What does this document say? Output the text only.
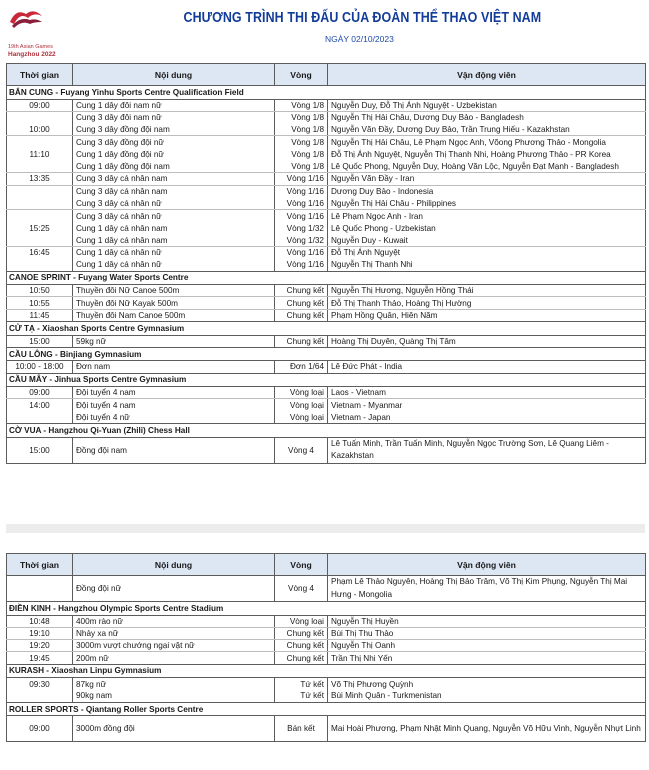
19th Asian Games
Hangzhou 2022
CHƯƠNG TRÌNH THI ĐẤU CỦA ĐOÀN THỂ THAO VIỆT NAM
NGÀY 02/10/2023
Thời gian	Nội dung	Vòng	Vận động viên
BẮN CUNG - Fuyang Yinhu Sports Centre Qualification Field			
09:00	Cung 1 dây đôi nam nữ	Vòng 1/8	Nguyễn Duy, Đỗ Thị Ánh Nguyệt - Uzbekistan
	Cung 3 dây đôi nam nữ	Vòng 1/8	Nguyễn Thị Hải Châu, Dương Duy Bảo - Bangladesh
10:00	Cung 3 dây đồng đội nam	Vòng 1/8	Nguyễn Văn Đầy, Dương Duy Bảo, Trần Trung Hiếu - Kazakhstan
	Cung 3 dây đồng đội nữ	Vòng 1/8	Nguyễn Thị Hải Châu, Lê Phạm Ngọc Anh, Võong Phương Thảo - Mongolia
11:10	Cung 1 dây đồng đội nữ	Vòng 1/8	Đỗ Thị Ánh Nguyệt, Nguyễn Thị Thanh Nhi, Hoàng Phương Thảo - PR Korea
	Cung 1 dây đồng đội nam	Vòng 1/8	Lê Quốc Phong, Nguyễn Duy, Hoàng Văn Lộc, Nguyễn Đạt Mạnh - Bangladesh
13:35	Cung 3 dây cá nhân nam	Vòng 1/16	Nguyễn Văn Đầy - Iran
	Cung 3 dây cá nhân nam	Vòng 1/16	Dương Duy Bảo - Indonesia
	Cung 3 dây cá nhân nữ	Vòng 1/16	Nguyễn Thị Hải Châu - Philippines
	Cung 3 dây cá nhân nữ	Vòng 1/16	Lê Phạm Ngọc Anh - Iran
15:25	Cung 1 dây cá nhân nam	Vòng 1/32	Lê Quốc Phong - Uzbekistan
	Cung 1 dây cá nhân nam	Vòng 1/32	Nguyễn Duy - Kuwait
16:45	Cung 1 dây cá nhân nữ	Vòng 1/16	Đỗ Thị Ánh Nguyệt
	Cung 1 dây cá nhân nữ	Vòng 1/16	Nguyễn Thị Thanh Nhi
CANOE SPRINT - Fuyang Water Sports Centre			
10:50	Thuyền đôi Nữ Canoe 500m	Chung kết	Nguyễn Thị Hương, Nguyễn Hồng Thái
10:55	Thuyền đôi Nữ Kayak 500m	Chung kết	Đỗ Thị Thanh Thảo, Hoàng Thị Hường
11:45	Thuyền đôi Nam Canoe 500m	Chung kết	Phạm Hồng Quân, Hiên Năm
CỬ TẠ - Xiaoshan Sports Centre Gymnasium			
15:00	59kg nữ	Chung kết	Hoàng Thị Duyên, Quàng Thị Tâm
CẦU LÔNG - Binjiang Gymnasium			
10:00 - 18:00	Đơn nam	Đơn 1/64	Lê Đức Phát - India
CẦU MÂY - Jinhua Sports Centre Gymnasium			
09:00	Đội tuyển 4 nam	Vòng loại	Laos - Vietnam
14:00	Đội tuyển 4 nam	Vòng loại	Vietnam - Myanmar
	Đội tuyển 4 nữ	Vòng loại	Vietnam - Japan
CỜ VUA - Hangzhou Qi-Yuan (Zhili) Chess Hall			
15:00	Đồng đội nam	Vòng 4	Lê Tuấn Minh, Trần Tuấn Minh, Nguyễn Ngọc Trường Sơn, Lê Quang Liêm - Kazakhstan
Thời gian	Nội dung	Vòng	Vận động viên
	Đồng đội nữ	Vòng 4	Phạm Lê Thảo Nguyên, Hoàng Thị Bảo Trâm, Võ Thị Kim Phụng, Nguyễn Thị Mai Hưng - Mongolia
ĐIỀN KINH - Hangzhou Olympic Sports Centre Stadium			
10:48	400m rào nữ	Vòng loại	Nguyễn Thị Huyền
19:10	Nhảy xa nữ	Chung kết	Bùi Thị Thu Thảo
19:20	3000m vượt chướng ngại vật nữ	Chung kết	Nguyễn Thị Oanh
19:45	200m nữ	Chung kết	Trần Thị Nhi Yến
KURASH - Xiaoshan Linpu Gymnasium			
09:30	87kg nữ	Tứ kết	Võ Thị Phương Quỳnh
	90kg nam	Tứ kết	Bùi Minh Quân - Turkmenistan
ROLLER SPORTS - Qiantang Roller Sports Centre			
09:00	3000m đồng đội	Bán kết	Mai Hoài Phương, Phạm Nhật Minh Quang, Nguyễn Võ Hữu Vinh, Nguyễn Nhựt Linh
